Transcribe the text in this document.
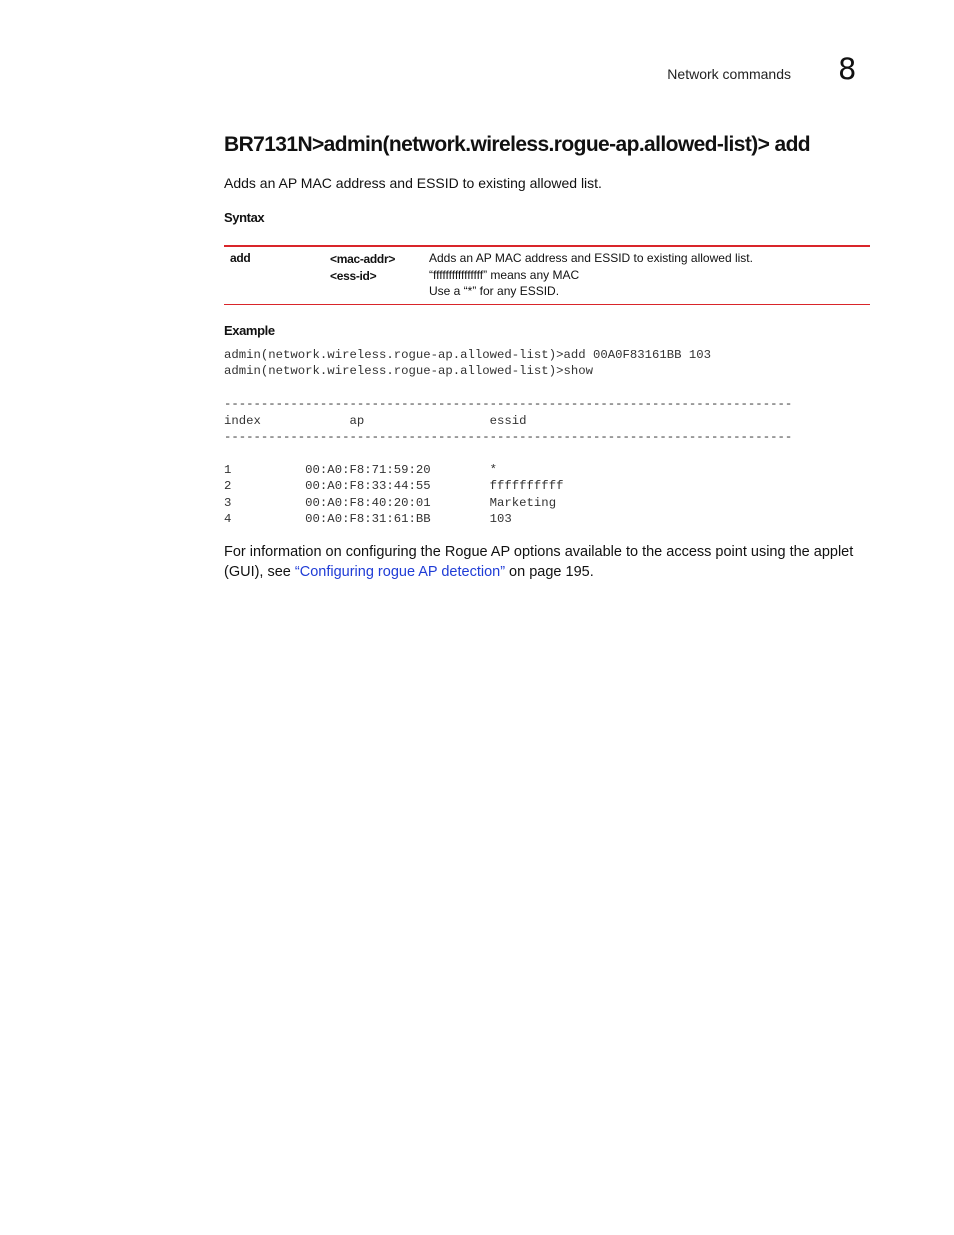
Network commands 8
BR7131N>admin(network.wireless.rogue-ap.allowed-list)> add
Adds an AP MAC address and ESSID to existing allowed list.
Syntax
add	<mac-addr>
<ess-id>
Adds an AP MAC address and ESSID to existing allowed list.
“ffffffffffffffff” means any MAC
Use a “*” for any ESSID.
Example
admin(network.wireless.rogue-ap.allowed-list)>add 00A0F83161BB 103
admin(network.wireless.rogue-ap.allowed-list)>show

-----------------------------------------------------------------------------
index            ap                 essid
-----------------------------------------------------------------------------

1          00:A0:F8:71:59:20        *
2          00:A0:F8:33:44:55        ffffffffff
3          00:A0:F8:40:20:01        Marketing
4          00:A0:F8:31:61:BB        103
For information on configuring the Rogue AP options available to the access point using the applet (GUI), see “Configuring rogue AP detection” on page 195.
